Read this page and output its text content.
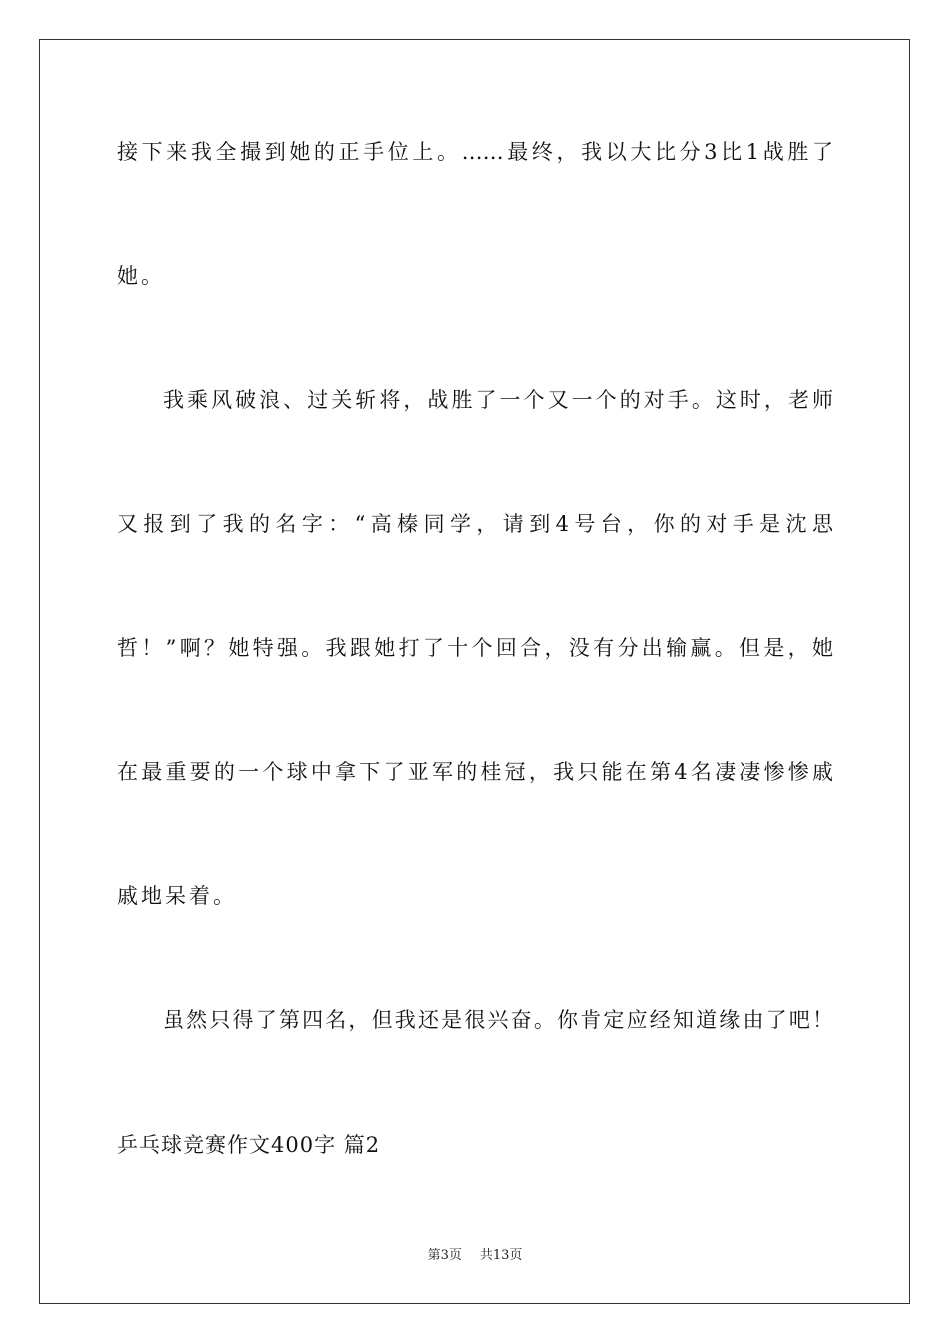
接下来我全撮到她的正手位上。……最终，我以大比分3比1战胜了
她。
我乘风破浪、过关斩将，战胜了一个又一个的对手。这时，老师
又报到了我的名字：“高榛同学，请到4号台，你的对手是沈思
哲！”啊？她特强。我跟她打了十个回合，没有分出输赢。但是，她
在最重要的一个球中拿下了亚军的桂冠，我只能在第4名凄凄惨惨戚
戚地呆着。
虽然只得了第四名，但我还是很兴奋。你肯定应经知道缘由了吧！
乒乓球竞赛作文400字 篇2
第3页 共13页
